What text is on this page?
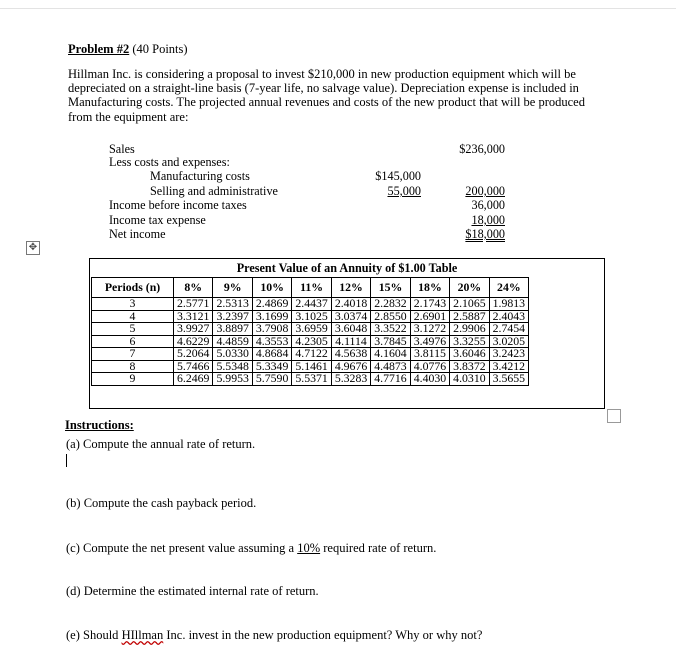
Problem #2 (40 Points)
Hillman Inc. is considering a proposal to invest $210,000 in new production equipment which will be depreciated on a straight-line basis (7-year life, no salvage value). Depreciation expense is included in Manufacturing costs. The projected annual revenues and costs of the new product that will be produced from the equipment are:
Sales	$236,000
Less costs and expenses:
Manufacturing costs	$145,000
Selling and administrative	55,000	200,000
Income before income taxes	36,000
Income tax expense	18,000
Net income	$18,000
✥
Present Value of an Annuity of $1.00 Table
Periods (n)	8%	9%	10%	11%	12%	15%	18%	20%	24%
3	2.5771	2.5313	2.4869	2.4437	2.4018	2.2832	2.1743	2.1065	1.9813
4	3.3121	3.2397	3.1699	3.1025	3.0374	2.8550	2.6901	2.5887	2.4043
5	3.9927	3.8897	3.7908	3.6959	3.6048	3.3522	3.1272	2.9906	2.7454
6	4.6229	4.4859	4.3553	4.2305	4.1114	3.7845	3.4976	3.3255	3.0205
7	5.2064	5.0330	4.8684	4.7122	4.5638	4.1604	3.8115	3.6046	3.2423
8	5.7466	5.5348	5.3349	5.1461	4.9676	4.4873	4.0776	3.8372	3.4212
9	6.2469	5.9953	5.7590	5.5371	5.3283	4.7716	4.4030	4.0310	3.5655
Instructions:
(a) Compute the annual rate of return.
(b) Compute the cash payback period.
(c) Compute the net present value assuming a 10% required rate of return.
(d) Determine the estimated internal rate of return.
(e) Should HIllman Inc. invest in the new production equipment? Why or why not?
